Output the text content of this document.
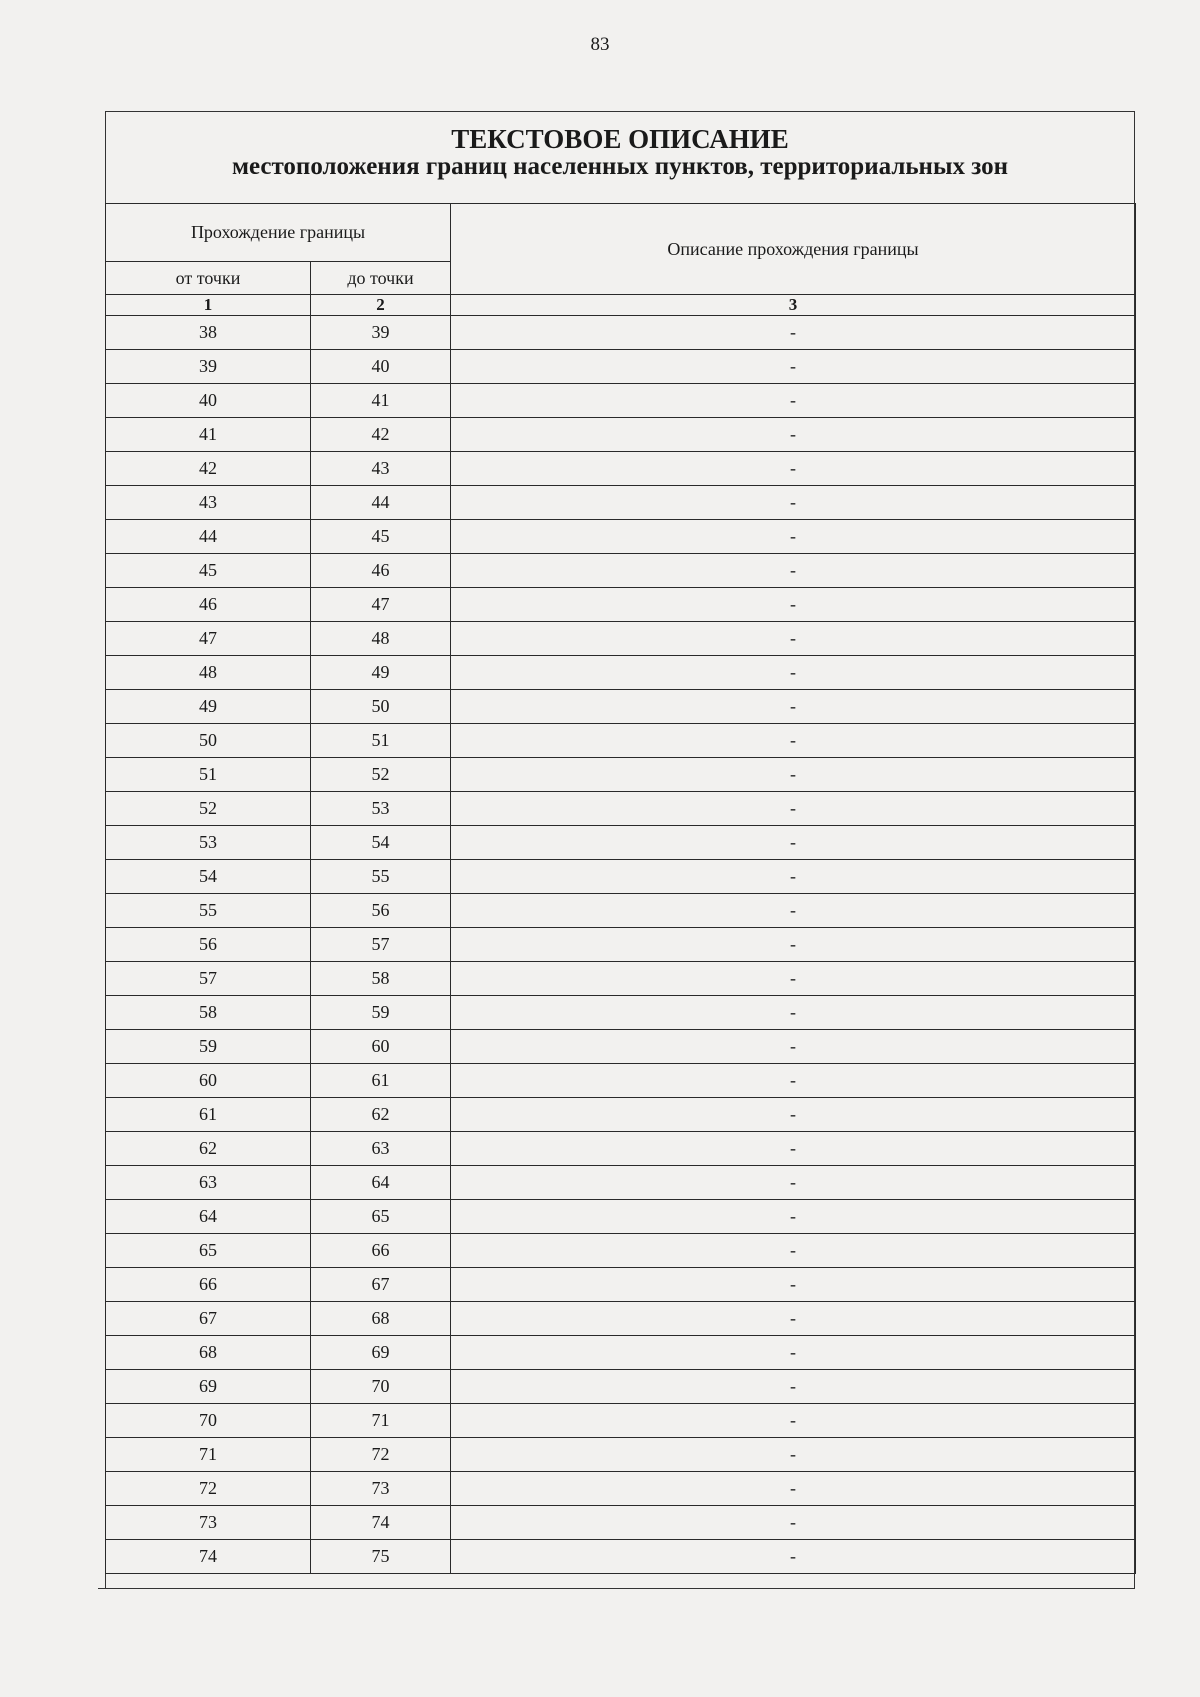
83
ТЕКСТОВОЕ ОПИСАНИЕ
местоположения границ населенных пунктов, территориальных зон
Прохождение границы		Описание прохождения границы
от точки	до точки	
1	2	3
38	39	-
39	40	-
40	41	-
41	42	-
42	43	-
43	44	-
44	45	-
45	46	-
46	47	-
47	48	-
48	49	-
49	50	-
50	51	-
51	52	-
52	53	-
53	54	-
54	55	-
55	56	-
56	57	-
57	58	-
58	59	-
59	60	-
60	61	-
61	62	-
62	63	-
63	64	-
64	65	-
65	66	-
66	67	-
67	68	-
68	69	-
69	70	-
70	71	-
71	72	-
72	73	-
73	74	-
74	75	-
